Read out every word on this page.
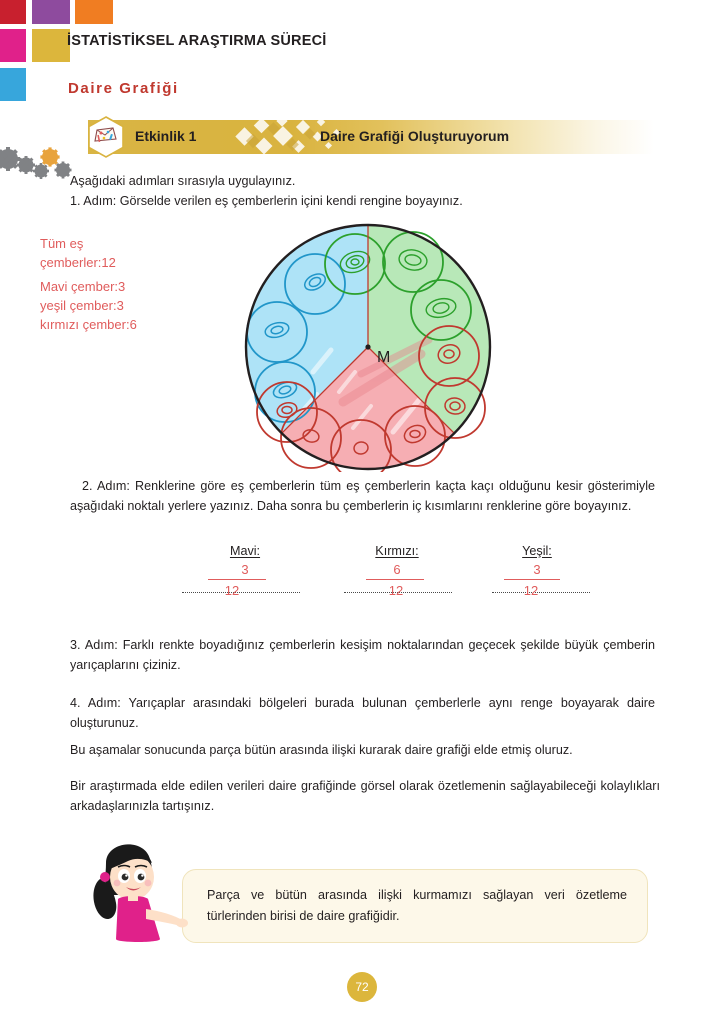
İSTATİSTİKSEL ARAŞTIRMA SÜRECİ
Daire Grafiği
Etkinlik 1	Daire Grafiği Oluşturuyorum
Aşağıdaki adımları sırasıyla uygulayınız.
1. Adım: Görselde verilen eş çemberlerin içini kendi rengine boyayınız.
Tüm eş
çemberler:12
Mavi çember:3
yeşil çember:3
kırmızı çember:6
M
2. Adım: Renklerine göre eş çemberlerin tüm eş çemberlerin kaçta kaçı olduğunu kesir gösterimiyle aşağıdaki noktalı yerlere yazınız. Daha sonra bu çemberlerin iç kısımlarını renklerine göre boyayınız.
Mavi:
3
12
Kırmızı:
6
12
Yeşil:
3
12
3. Adım: Farklı renkte boyadığınız çemberlerin kesişim noktalarından geçecek şekilde büyük çemberin yarıçaplarını çiziniz.
4. Adım: Yarıçaplar arasındaki bölgeleri burada bulunan çemberlerle aynı renge boyayarak daire oluşturunuz.
Bu aşamalar sonucunda parça bütün arasında ilişki kurarak daire grafiği elde etmiş oluruz.
Bir araştırmada elde edilen verileri daire grafiğinde görsel olarak özetlemenin sağlayabileceği kolaylıkları arkadaşlarınızla tartışınız.
Parça ve bütün arasında ilişki kurmamızı sağlayan veri özetleme türlerinden birisi de daire grafiğidir.
72
